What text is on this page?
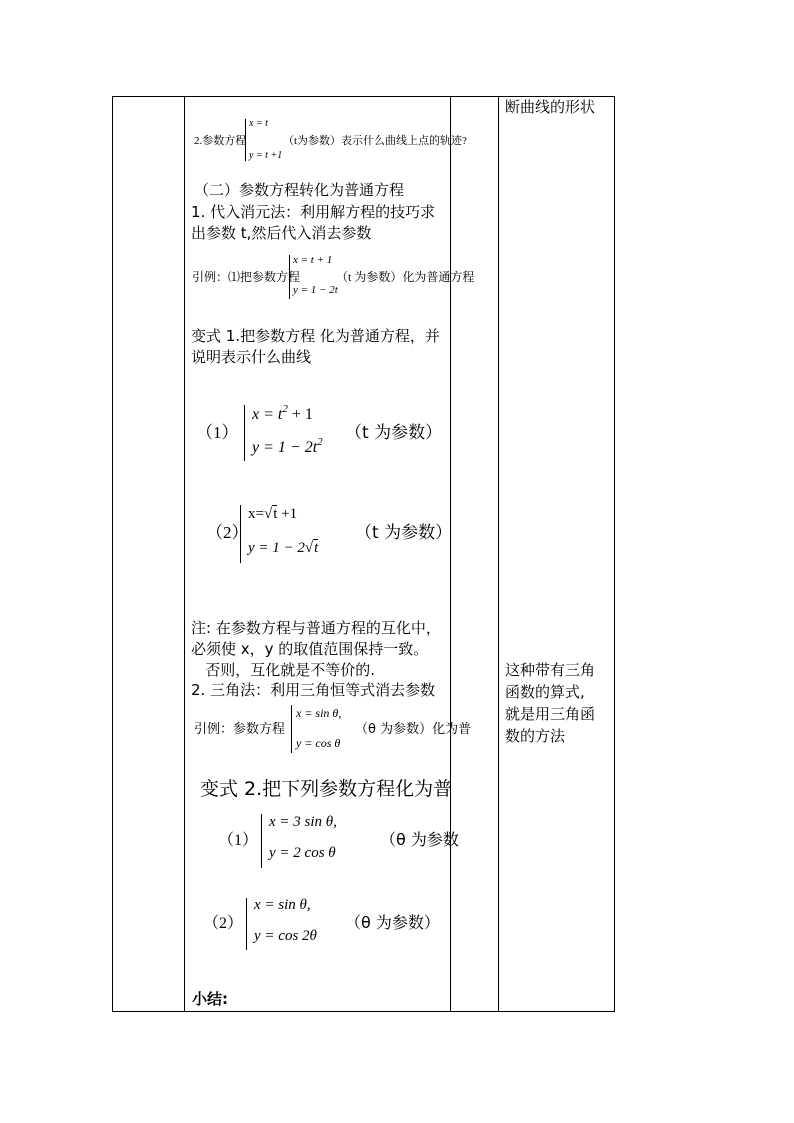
断曲线的形状
这种带有三角
函数的算式,
就是用三角函
数的方法
2.参数方程
x = t
y = t +1
（t为参数）表示什么曲线上点的轨迹?
（二）参数方程转化为普通方程
1. 代入消元法：利用解方程的技巧求
出参数 t,然后代入消去参数
引例：⑴把参数方程
x = t + 1
y = 1 − 2t
（t 为参数）化为普通方程
变式 1.把参数方程 化为普通方程，并
说明表示什么曲线
（1）
$x = t^2 + 1$
$y = 1 - 2t^2$ （t 为参数）
（2）
x=√t +1
y = 1 − 2√t
（t 为参数）
注: 在参数方程与普通方程的互化中，
必须使 x，y 的取值范围保持一致。
否则，互化就是不等价的.
2. 三角法：利用三角恒等式消去参数
引例：参数方程
x = sin θ,
y = cos θ
（θ 为参数）化为普
变式 2.把下列参数方程化为普
（1）
x = 3 sin θ,
y = 2 cos θ
（θ 为参数
（2）
x = sin θ,
y = cos 2θ
（θ 为参数）
小结:
